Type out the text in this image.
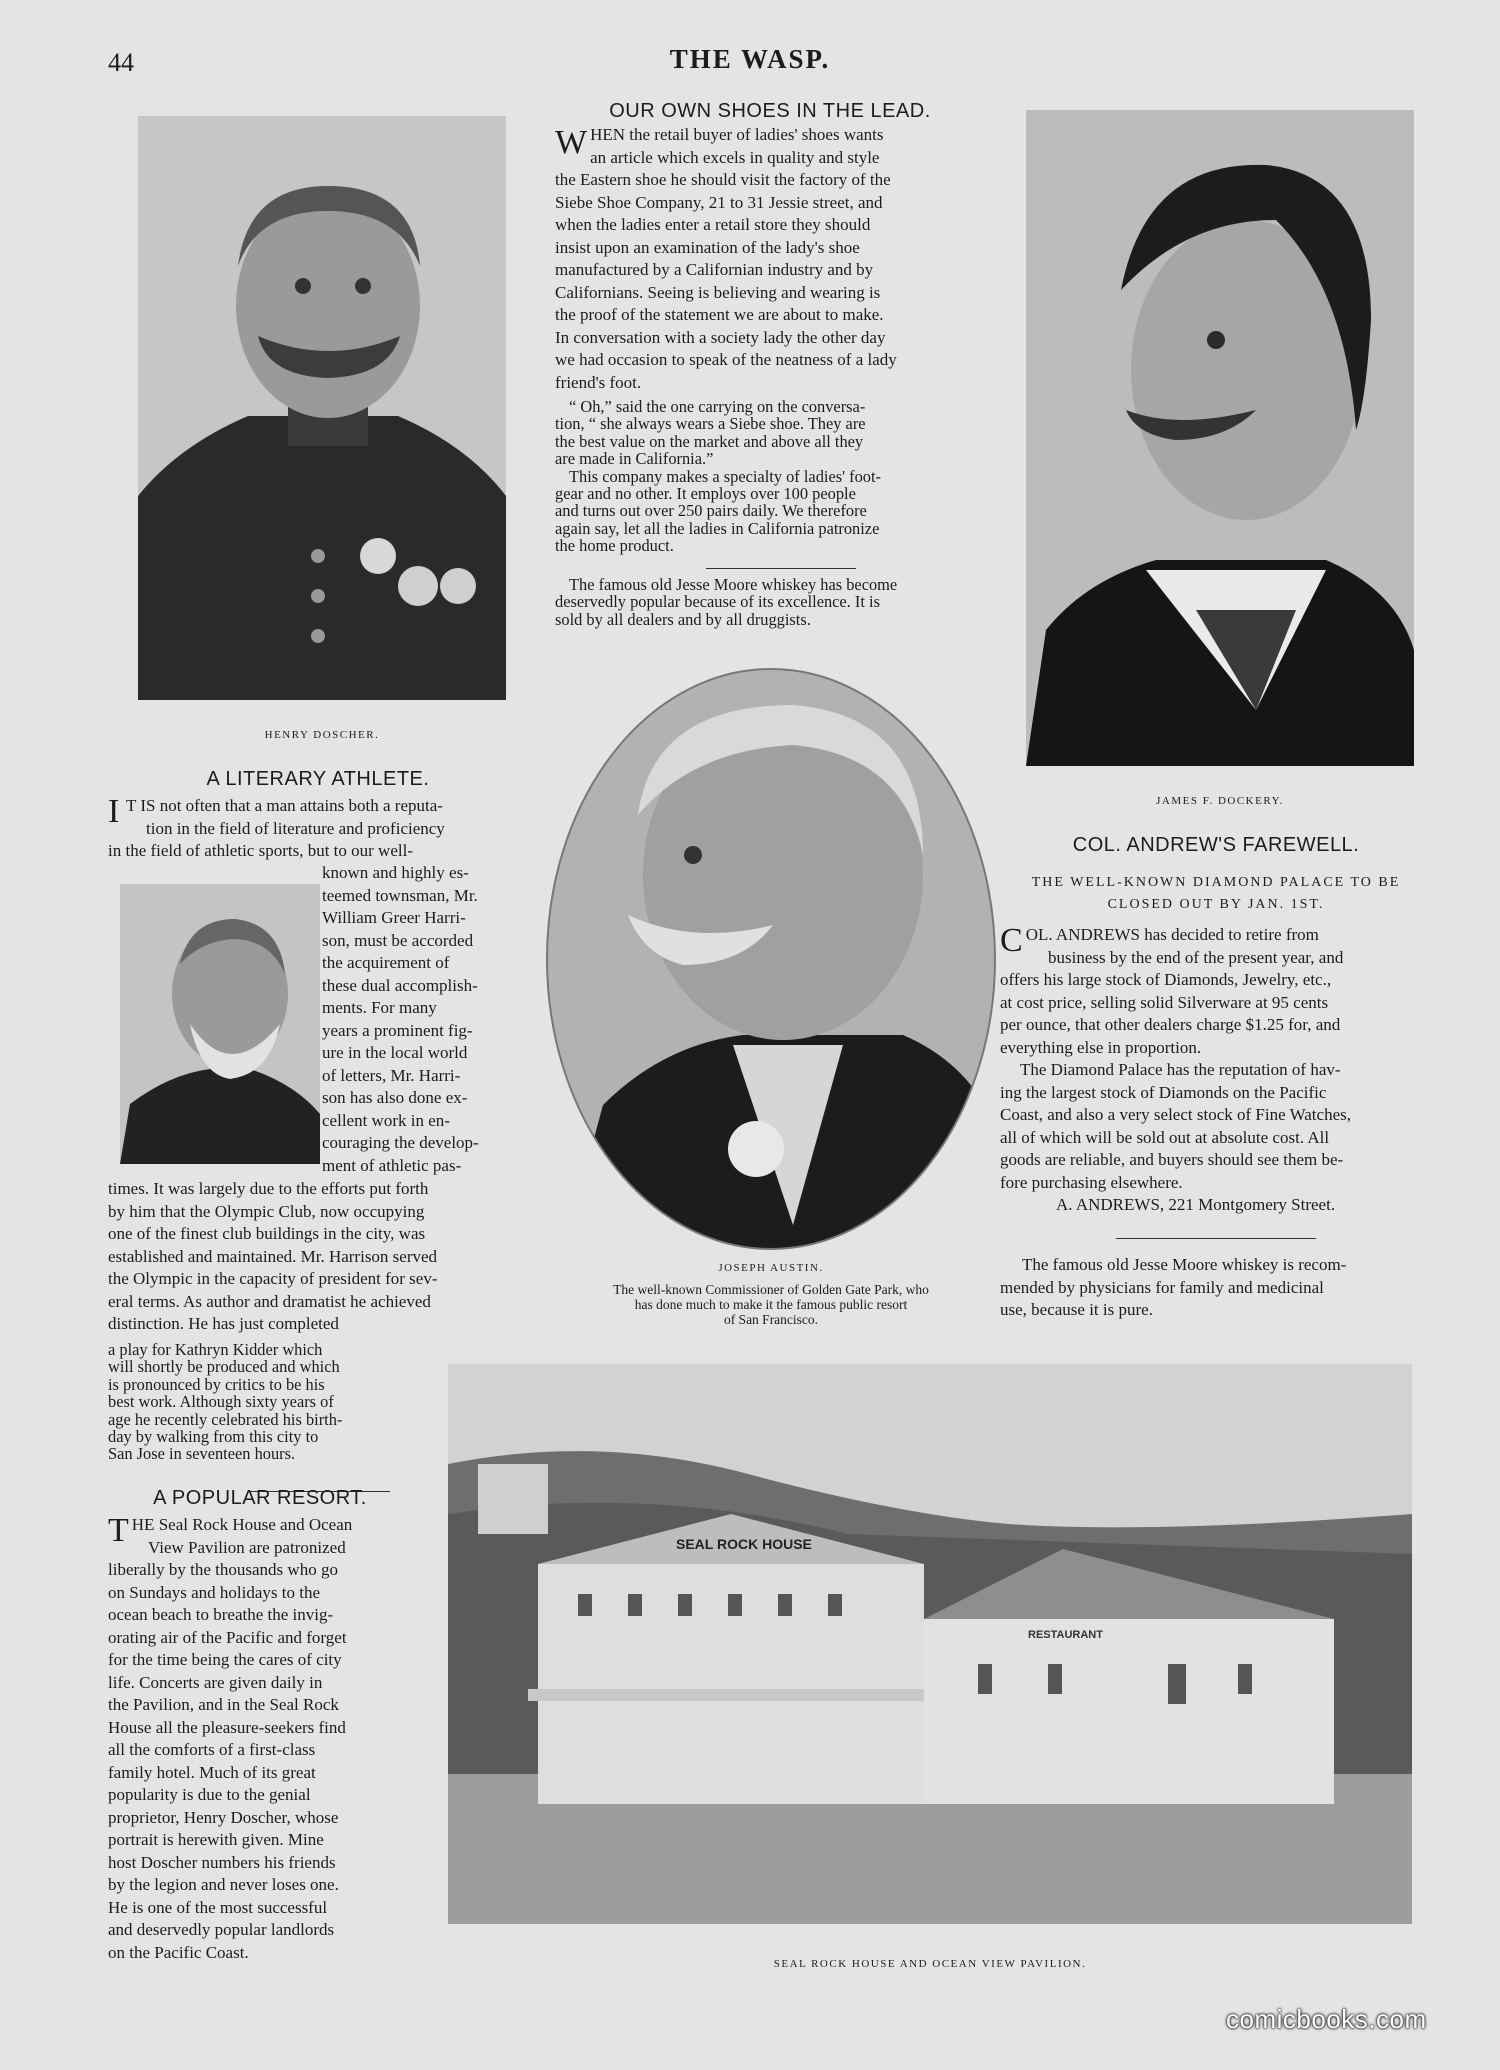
44	THE WASP.
HENRY DOSCHER.
OUR OWN SHOES IN THE LEAD.
W HEN the retail buyer of ladies' shoes wants
an article which excels in quality and style
the Eastern shoe he should visit the factory of the
Siebe Shoe Company, 21 to 31 Jessie street, and
when the ladies enter a retail store they should
insist upon an examination of the lady's shoe
manufactured by a Californian industry and by
Californians. Seeing is believing and wearing is
the proof of the statement we are about to make.
In conversation with a society lady the other day
we had occasion to speak of the neatness of a lady
friend's foot.
“ Oh,” said the one carrying on the conversa-
tion, “ she always wears a Siebe shoe. They are
the best value on the market and above all they
are made in California.”
This company makes a specialty of ladies' foot-
gear and no other. It employs over 100 people
and turns out over 250 pairs daily. We therefore
again say, let all the ladies in California patronize
the home product.
The famous old Jesse Moore whiskey has become
deservedly popular because of its excellence. It is
sold by all dealers and by all druggists.
JAMES F. DOCKERY.
JOSEPH AUSTIN.
The well-known Commissioner of Golden Gate Park, who
has done much to make it the famous public resort
of San Francisco.
A LITERARY ATHLETE.
I T IS not often that a man attains both a reputa-
tion in the field of literature and proficiency
in the field of athletic sports, but to our well-
known and highly es-
teemed townsman, Mr.
William Greer Harri-
son, must be accorded
the acquirement of
these dual accomplish-
ments. For many
years a prominent fig-
ure in the local world
of letters, Mr. Harri-
son has also done ex-
cellent work in en-
couraging the develop-
ment of athletic pas-
times. It was largely due to the efforts put forth
by him that the Olympic Club, now occupying
one of the finest club buildings in the city, was
established and maintained. Mr. Harrison served
the Olympic in the capacity of president for sev-
eral terms. As author and dramatist he achieved
distinction. He has just completed
a play for Kathryn Kidder which
will shortly be produced and which
is pronounced by critics to be his
best work. Although sixty years of
age he recently celebrated his birth-
day by walking from this city to
San Jose in seventeen hours.
A POPULAR RESORT.
T HE Seal Rock House and Ocean
View Pavilion are patronized
liberally by the thousands who go
on Sundays and holidays to the
ocean beach to breathe the invig-
orating air of the Pacific and forget
for the time being the cares of city
life. Concerts are given daily in
the Pavilion, and in the Seal Rock
House all the pleasure-seekers find
all the comforts of a first-class
family hotel. Much of its great
popularity is due to the genial
proprietor, Henry Doscher, whose
portrait is herewith given. Mine
host Doscher numbers his friends
by the legion and never loses one.
He is one of the most successful
and deservedly popular landlords
on the Pacific Coast.
COL. ANDREW'S FAREWELL.
THE WELL-KNOWN DIAMOND PALACE TO BE
CLOSED OUT BY JAN. 1ST.
C OL. ANDREWS has decided to retire from
business by the end of the present year, and
offers his large stock of Diamonds, Jewelry, etc.,
at cost price, selling solid Silverware at 95 cents
per ounce, that other dealers charge $1.25 for, and
everything else in proportion.
The Diamond Palace has the reputation of hav-
ing the largest stock of Diamonds on the Pacific
Coast, and also a very select stock of Fine Watches,
all of which will be sold out at absolute cost. All
goods are reliable, and buyers should see them be-
fore purchasing elsewhere.
A. ANDREWS, 221 Montgomery Street.
The famous old Jesse Moore whiskey is recom-
mended by physicians for family and medicinal
use, because it is pure.
SEAL ROCK HOUSE
RESTAURANT
SEAL ROCK HOUSE AND OCEAN VIEW PAVILION.
comicbooks.com
